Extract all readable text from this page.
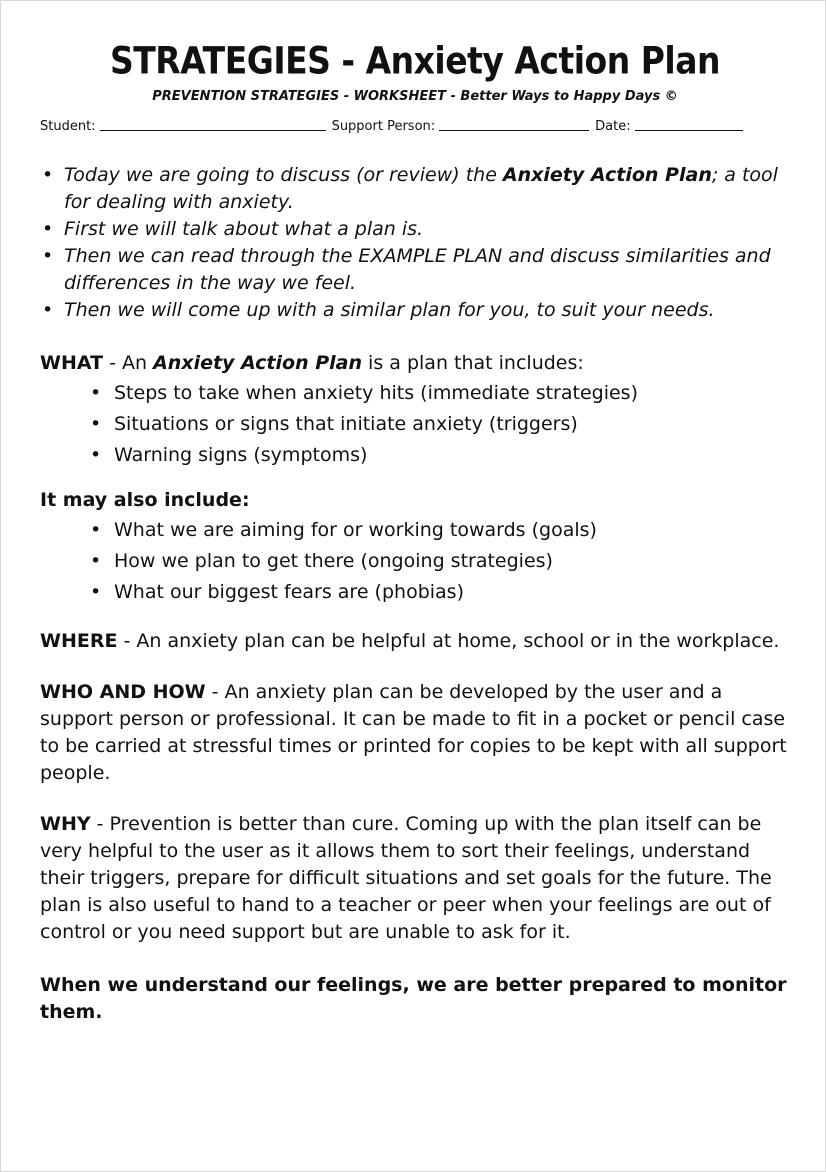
STRATEGIES - Anxiety Action Plan
PREVENTION STRATEGIES - WORKSHEET - Better Ways to Happy Days ©
Student:	Support Person:	Date:
• Today we are going to discuss (or review) the Anxiety Action Plan; a tool for dealing with anxiety.
• First we will talk about what a plan is.
• Then we can read through the EXAMPLE PLAN and discuss similarities and differences in the way we feel.
• Then we will come up with a similar plan for you, to suit your needs.
WHAT - An Anxiety Action Plan is a plan that includes:
• Steps to take when anxiety hits (immediate strategies)
• Situations or signs that initiate anxiety (triggers)
• Warning signs (symptoms)
It may also include:
• What we are aiming for or working towards (goals)
• How we plan to get there (ongoing strategies)
• What our biggest fears are (phobias)
WHERE - An anxiety plan can be helpful at home, school or in the workplace.
WHO AND HOW - An anxiety plan can be developed by the user and a support person or professional. It can be made to fit in a pocket or pencil case to be carried at stressful times or printed for copies to be kept with all support people.
WHY - Prevention is better than cure. Coming up with the plan itself can be very helpful to the user as it allows them to sort their feelings, understand their triggers, prepare for difficult situations and set goals for the future. The plan is also useful to hand to a teacher or peer when your feelings are out of control or you need support but are unable to ask for it.
When we understand our feelings, we are better prepared to monitor them.
